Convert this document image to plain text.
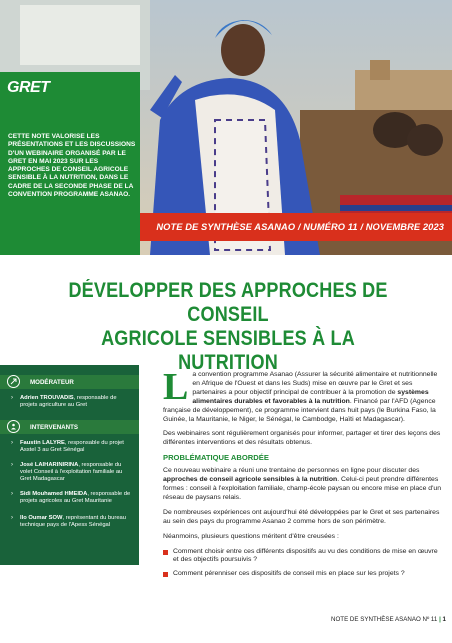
GRET

CETTE NOTE VALORISE LES PRÉSENTATIONS ET LES DISCUSSIONS D'UN WEBINAIRE ORGANISÉ PAR LE GRET EN MAI 2023 SUR LES APPROCHES DE CONSEIL AGRICOLE SENSIBLE À LA NUTRITION, DANS LE CADRE DE LA SECONDE PHASE DE LA CONVENTION PROGRAMME ASANAO.

NOTE DE SYNTHÈSE ASANAO / NUMÉRO 11 / NOVEMBRE 2023
DÉVELOPPER DES APPROCHES DE CONSEIL
AGRICOLE SENSIBLES À LA NUTRITION
MODÉRATEUR
› Adrien TROUVADIS, responsable de projets agriculture au Gret
INTERVENANTS
› Faustin LALYRE, responsable du projet Asstel 3 au Gret Sénégal
› José LAIHARINIRINA, responsable du volet Conseil à l'exploitation familiale au Gret Madagascar
› Sidi Mouhamed HMEIDA, responsable de projets agricoles au Gret Mauritanie
› Ilo Oumar SOW, représentant du bureau technique pays de l'Apess Sénégal

La convention programme Asanao (Assurer la sécurité alimentaire et nutritionnelle en Afrique de l'Ouest et dans les Suds) mise en œuvre par le Gret et ses partenaires a pour objectif principal de contribuer à la promotion de systèmes alimentaires durables et favorables à la nutrition. Financé par l'AFD (Agence française de développement), ce programme intervient dans huit pays (le Burkina Faso, la Guinée, la Mauritanie, le Niger, le Sénégal, le Cambodge, Haïti et Madagascar).

Des webinaires sont régulièrement organisés pour informer, partager et tirer des leçons des différentes interventions et des résultats obtenus.

PROBLÉMATIQUE ABORDÉE

Ce nouveau webinaire a réuni une trentaine de personnes en ligne pour discuter des approches de conseil agricole sensibles à la nutrition. Celui-ci peut prendre différentes formes : conseil à l'exploitation familiale, champ-école paysan ou encore mise en place d'un réseau de paysans relais.

De nombreuses expériences ont aujourd'hui été développées par le Gret et ses partenaires au sein des pays du programme Asanao 2 comme hors de son périmètre.

Néanmoins, plusieurs questions méritent d'être creusées :

Comment choisir entre ces différents dispositifs au vu des conditions de mise en œuvre et des objectifs poursuivis ?
Comment pérenniser ces dispositifs de conseil mis en place sur les projets ?
NOTE DE SYNTHÈSE ASANAO Nº 11 | 1
